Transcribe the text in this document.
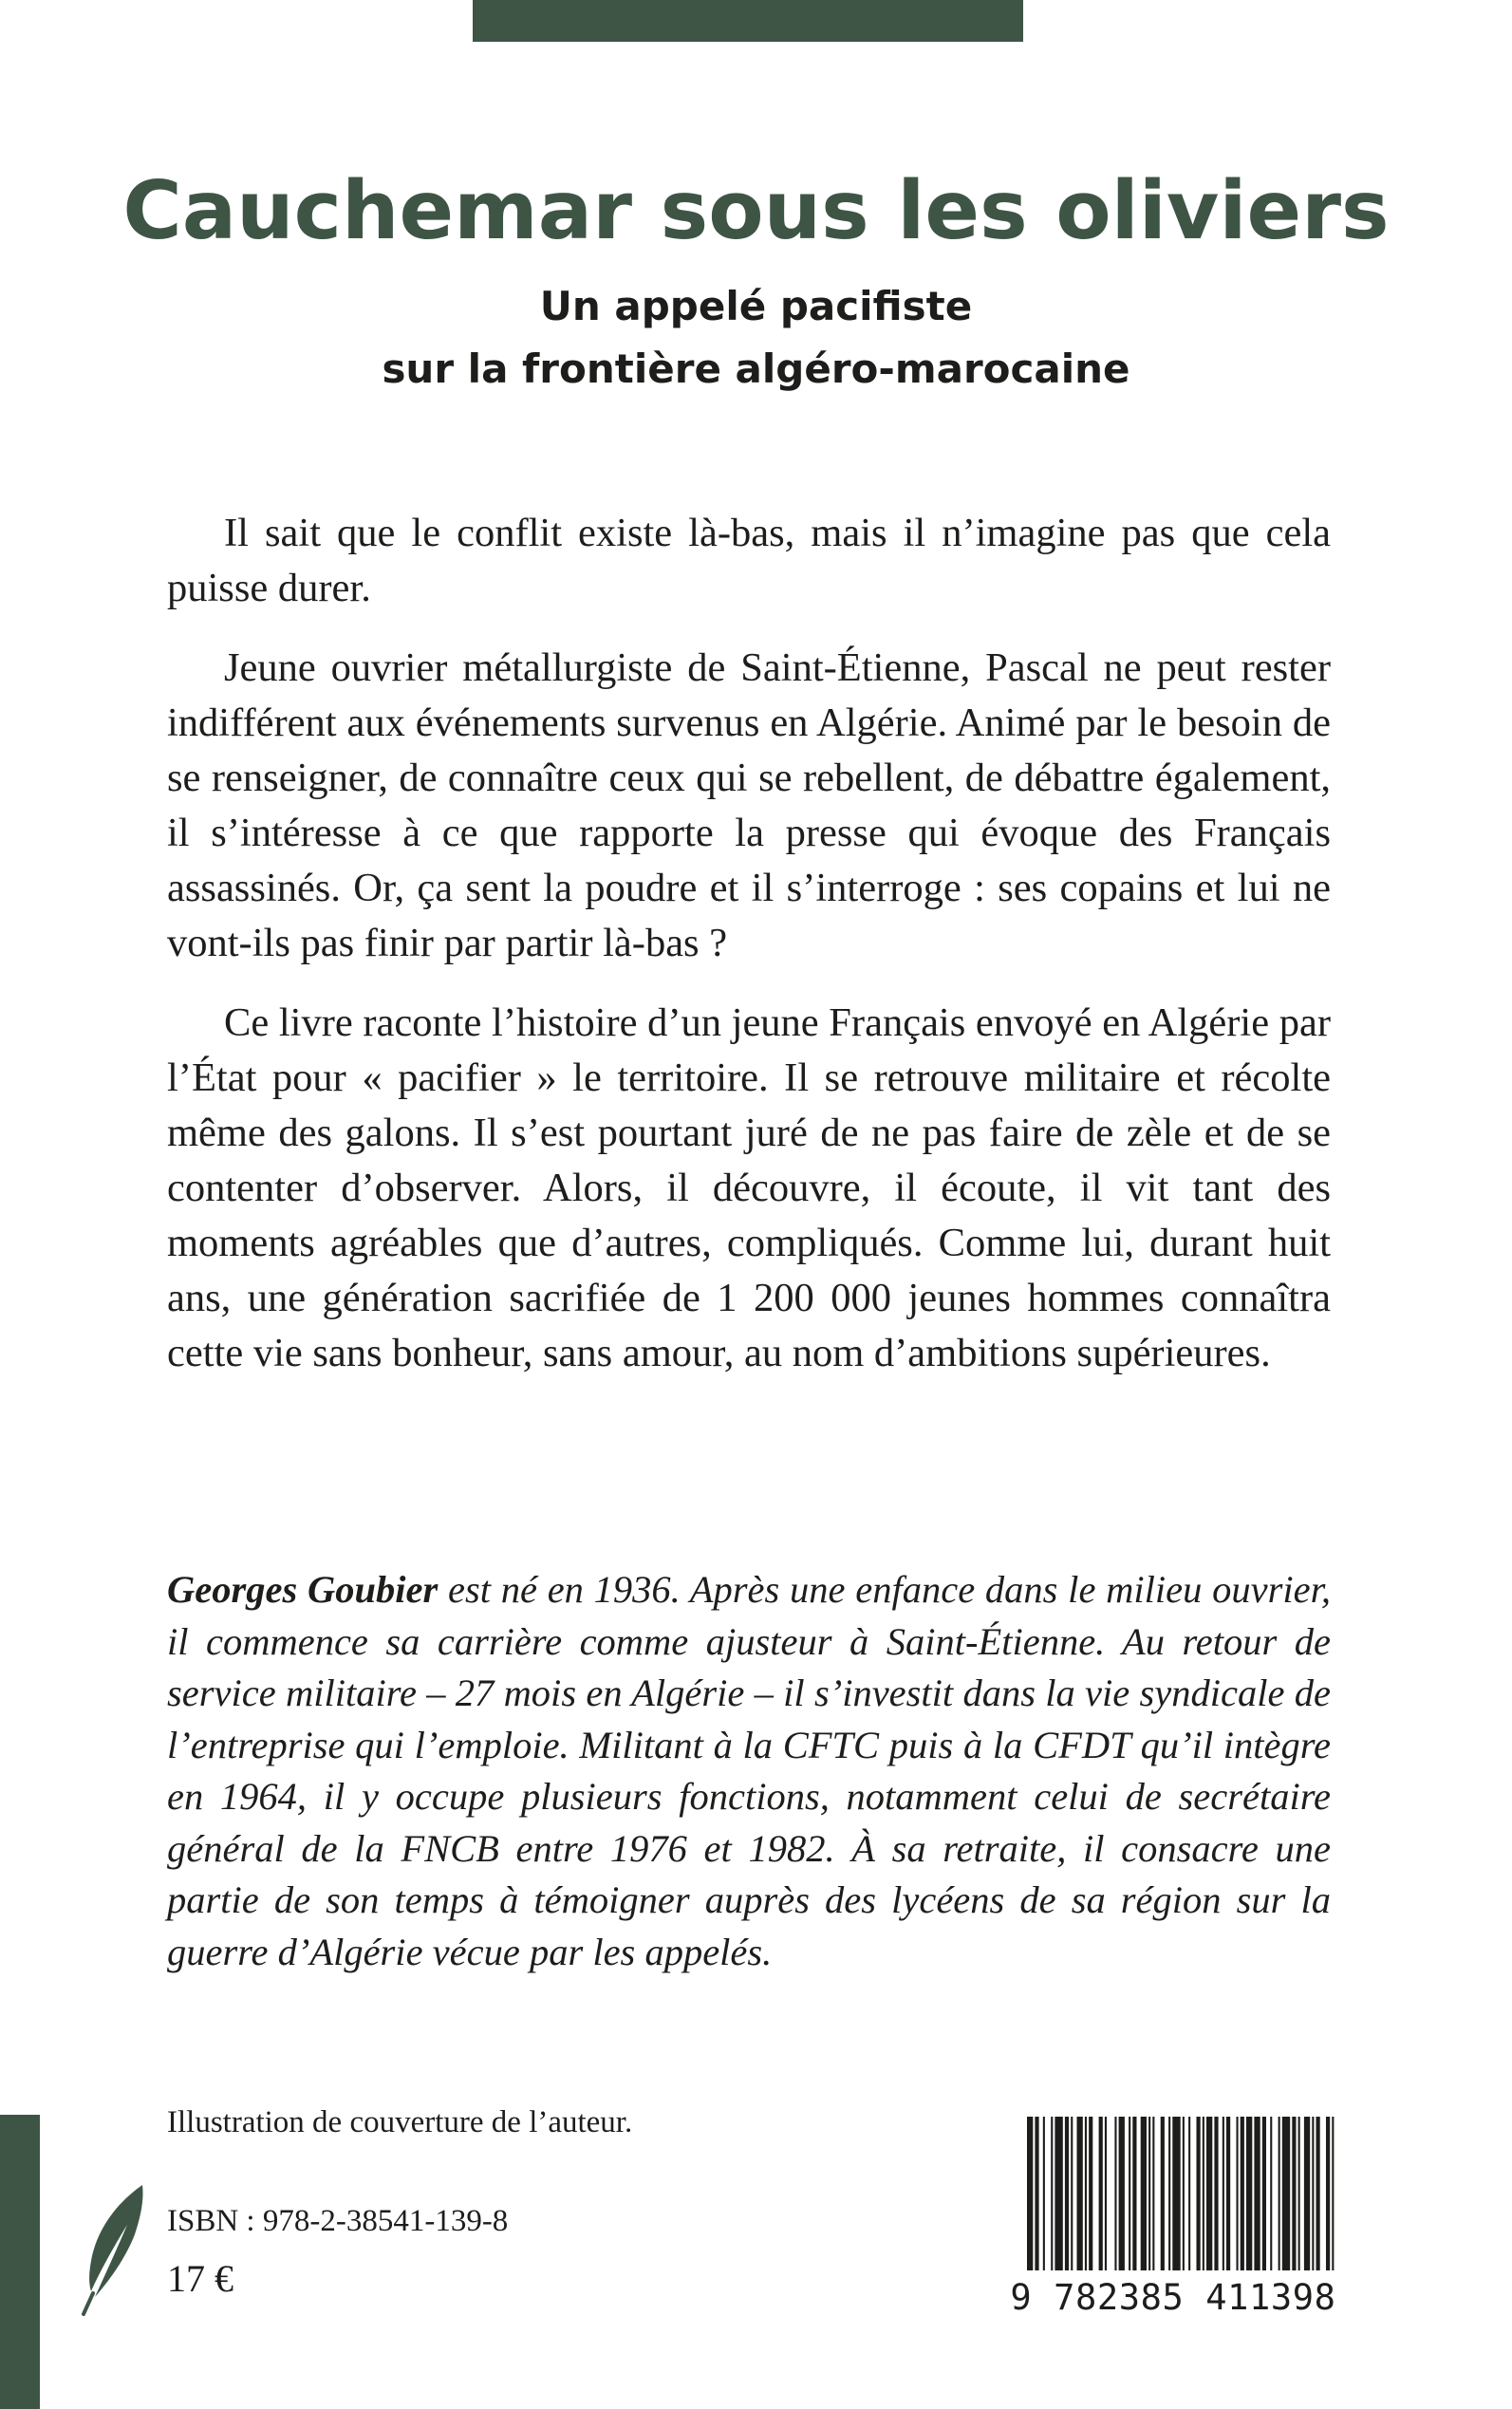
Cauchemar sous les oliviers
Un appelé pacifiste
sur la frontière algéro-marocaine

Il sait que le conflit existe là-bas, mais il n’imagine pas que cela puisse durer.

Jeune ouvrier métallurgiste de Saint-Étienne, Pascal ne peut rester indifférent aux événements survenus en Algérie. Animé par le besoin de se renseigner, de connaître ceux qui se rebellent, de débattre également, il s’intéresse à ce que rapporte la presse qui évoque des Français assassinés. Or, ça sent la poudre et il s’interroge : ses copains et lui ne vont-ils pas finir par partir là-bas ?

Ce livre raconte l’histoire d’un jeune Français envoyé en Algérie par l’État pour « pacifier » le territoire. Il se retrouve militaire et récolte même des galons. Il s’est pourtant juré de ne pas faire de zèle et de se contenter d’observer. Alors, il découvre, il écoute, il vit tant des moments agréables que d’autres, compliqués. Comme lui, durant huit ans, une génération sacrifiée de 1 200 000 jeunes hommes connaîtra cette vie sans bonheur, sans amour, au nom d’ambitions supérieures.

Georges Goubier est né en 1936. Après une enfance dans le milieu ouvrier, il commence sa carrière comme ajusteur à Saint-Étienne. Au retour de service militaire – 27 mois en Algérie – il s’investit dans la vie syndicale de l’entreprise qui l’emploie. Militant à la CFTC puis à la CFDT qu’il intègre en 1964, il y occupe plusieurs fonctions, notamment celui de secrétaire général de la FNCB entre 1976 et 1982. À sa retraite, il consacre une partie de son temps à témoigner auprès des lycéens de sa région sur la guerre d’Algérie vécue par les appelés.

Illustration de couverture de l’auteur.
ISBN : 978-2-38541-139-8
17 €	9 782385 411398
